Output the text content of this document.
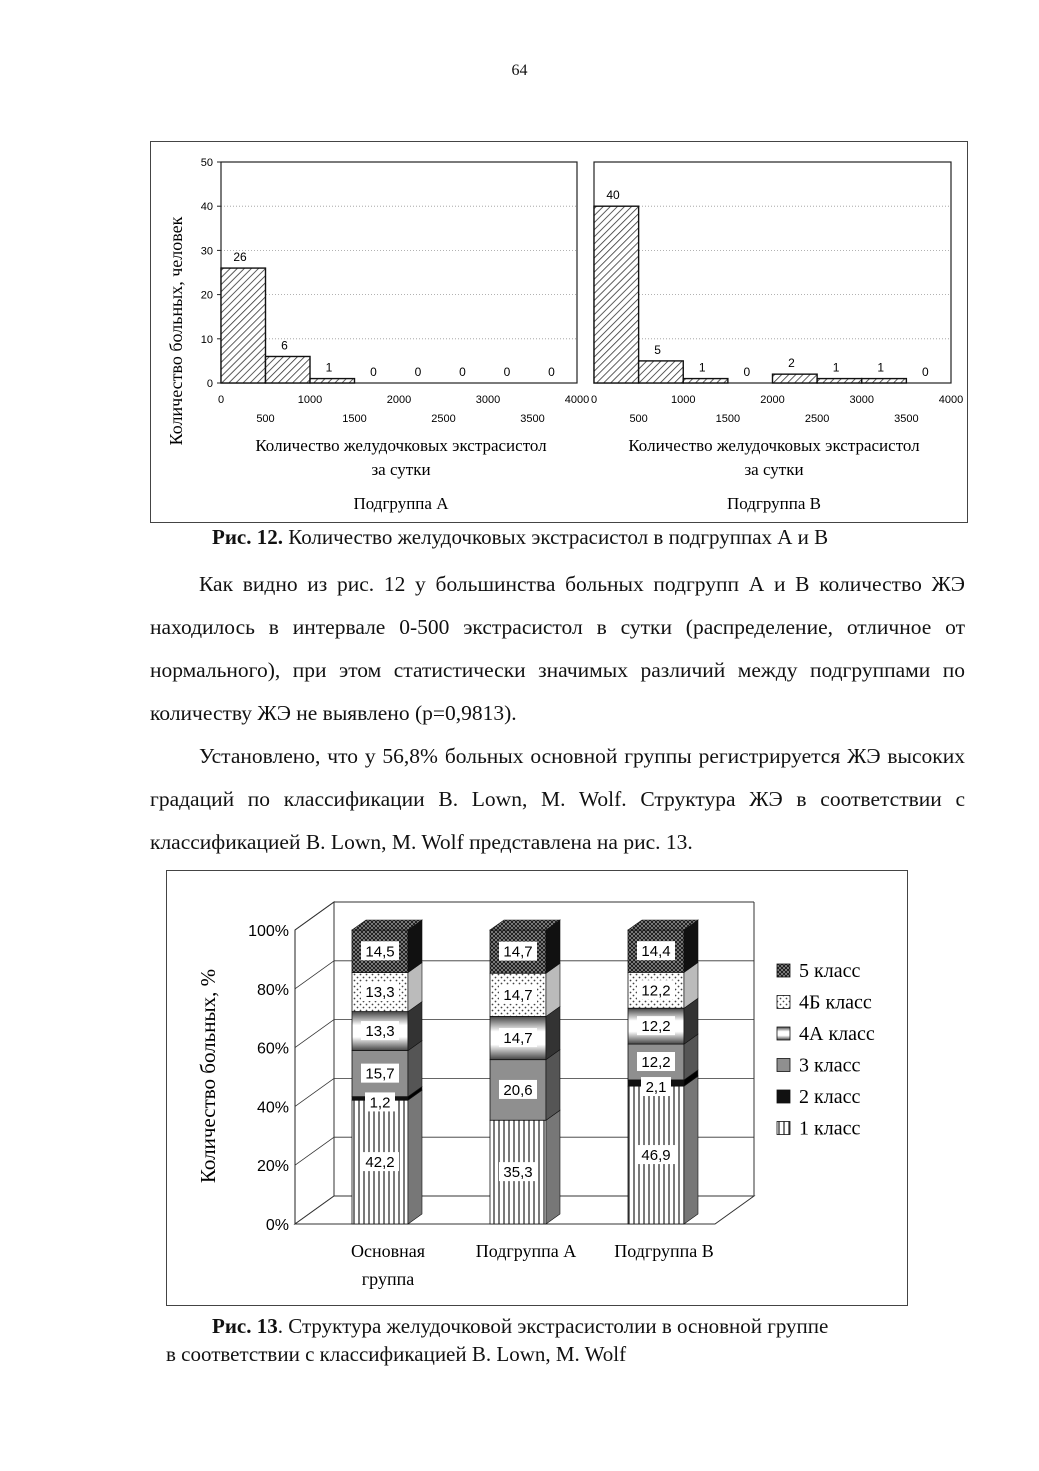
64
Количество больных, человек
Количество желудочковых экстрасистол
за сутки
Подгруппа А
0
10
20
30
40
50
0	1000	2000	3000	4000
500	1500	2500	3500
26
6
1	0	0	0	0	0
Количество желудочковых экстрасистол
за сутки
Подгруппа В
0	1000	2000	3000	4000
500	1500	2500	3500
40
5
1	0
2	1	1	0
Рис. 12. Количество желудочковых экстрасистол в подгруппах А и В

Как видно из рис. 12 у большинства больных подгрупп А и В количество ЖЭ находилось в интервале 0-500 экстрасистол в сутки (распределение, отличное от нормального), при этом статистически значимых различий между подгруппами по количеству ЖЭ не выявлено (p=0,9813).

Установлено, что у 56,8% больных основной группы регистрируется ЖЭ высоких градаций по классификации B. Lown, M. Wolf. Структура ЖЭ в соответствии с классификацией B. Lown, M. Wolf представлена на рис. 13.

Количество больных, %
0%
20%
40%
60%
80%
100%
42,2
1,2
15,7
13,3
13,3
14,5
Основная
группа
35,3
20,6
14,7
14,7
14,7
Подгруппа А
46,9
2,1
12,2
12,2
12,2
14,4
Подгруппа В
5 класс
4Б класс
4А класс
3 класс
2 класс
1 класс
Рис. 13. Структура желудочковой экстрасистолии в основной группе
в соответствии с классификацией B. Lown, M. Wolf
